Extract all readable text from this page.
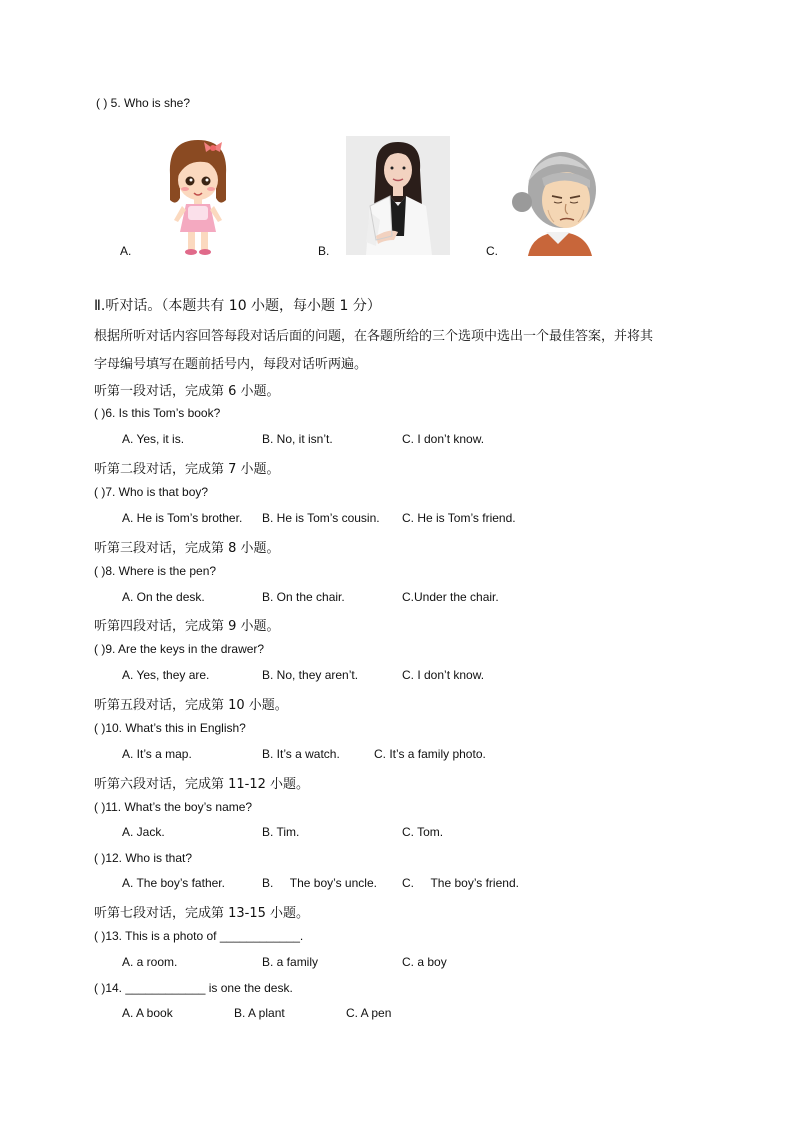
( ) 5. Who is she?
A.	B.	C.
Ⅱ.听对话。（本题共有 10 小题，每小题 1 分）
根据所听对话内容回答每段对话后面的问题，在各题所给的三个选项中选出一个最佳答案，并将其
字母编号填写在题前括号内，每段对话听两遍。
听第一段对话，完成第 6 小题。
( )6. Is this Tom’s book?
A. Yes, it is.	B. No, it isn’t.	C. I don’t know.
听第二段对话，完成第 7 小题。
( )7. Who is that boy?
A. He is Tom’s brother. B. He is Tom’s cousin. C. He is Tom’s friend.
听第三段对话，完成第 8 小题。
( )8. Where is the pen?
A. On the desk.	B. On the chair.	C.Under the chair.
听第四段对话，完成第 9 小题。
( )9. Are the keys in the drawer?
A. Yes, they are.	B. No, they aren’t.	C. I don’t know.
听第五段对话，完成第 10 小题。
( )10. What’s this in English?
A. It’s a map.	B. It’s a watch.	C. It’s a family photo.
听第六段对话，完成第 11-12 小题。
( )11. What’s the boy’s name?
A. Jack.	B. Tim.	C. Tom.
( )12. Who is that?
A. The boy’s father.	B.     The boy’s uncle. C.     The boy’s friend.
听第七段对话，完成第 13-15 小题。
( )13. This is a photo of ____________.
A. a room.	B. a family	C. a boy
( )14. ____________ is one the desk.
A. A book	B. A plant	C. A pen
